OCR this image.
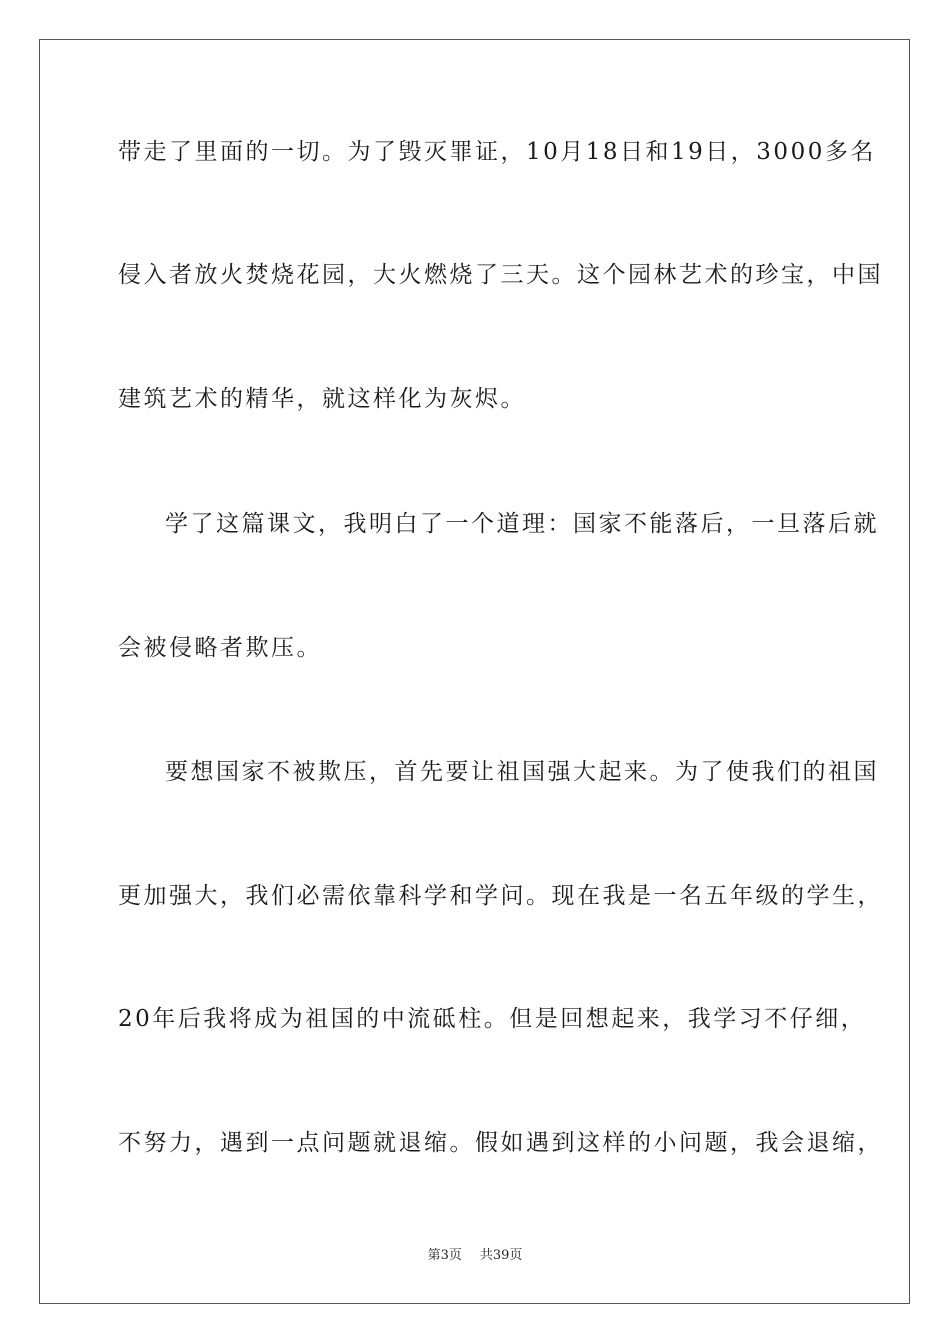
带走了里面的一切。为了毁灭罪证，10月18日和19日，3000多名
侵入者放火焚烧花园，大火燃烧了三天。这个园林艺术的珍宝，中国
建筑艺术的精华，就这样化为灰烬。
学了这篇课文，我明白了一个道理：国家不能落后，一旦落后就
会被侵略者欺压。
要想国家不被欺压，首先要让祖国强大起来。为了使我们的祖国
更加强大，我们必需依靠科学和学问。现在我是一名五年级的学生，
20年后我将成为祖国的中流砥柱。但是回想起来，我学习不仔细，
不努力，遇到一点问题就退缩。假如遇到这样的小问题，我会退缩，
第3页 共39页
